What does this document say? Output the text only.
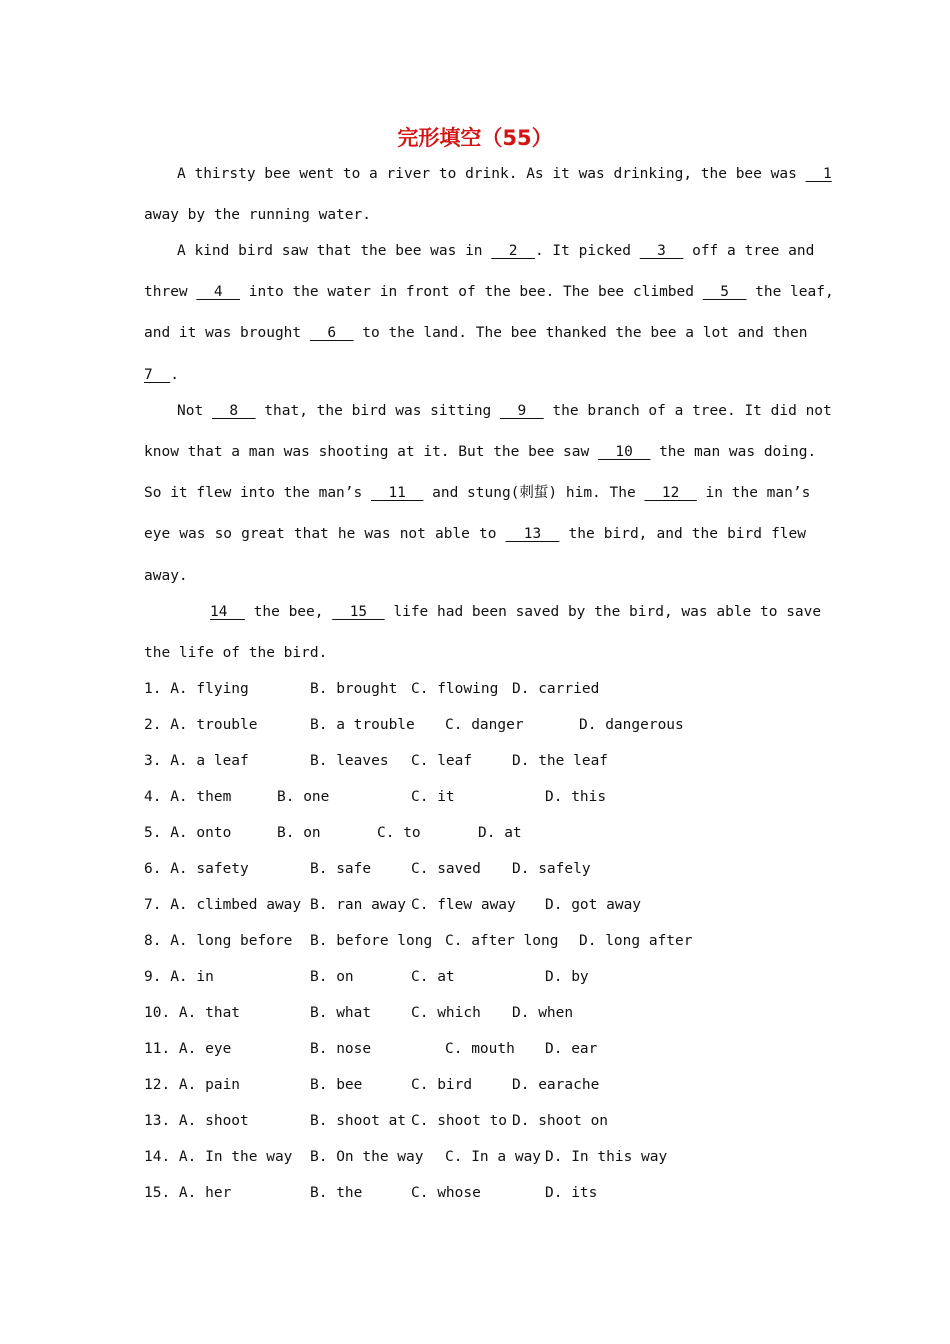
完形填空（55）
A thirsty bee went to a river to drink. As it was drinking, the bee was   1
away by the running water.
A kind bird saw that the bee was in   2  . It picked   3   off a tree and
threw   4   into the water in front of the bee. The bee climbed   5   the leaf,
and it was brought   6   to the land. The bee thanked the bee a lot and then
7  .
Not   8   that, the bird was sitting   9   the branch of a tree. It did not
know that a man was shooting at it. But the bee saw   10   the man was doing.
So it flew into the man’s   11   and stung(刺蜇) him. The   12   in the man’s
eye was so great that he was not able to   13   the bird, and the bird flew
away.
14   the bee,   15   life had been saved by the bird, was able to save
the life of the bird.
1. A. flying	B. brought C. flowing D. carried
2. A. trouble	B. a trouble C. danger	D. dangerous
3. A. a leaf	B. leaves C. leaf	D. the leaf
4. A. them	B. one	C. it	D. this
5. A. onto	B. on	C. to	D. at
6. A. safety	B. safe	C. saved D. safely
7. A. climbed away B. ran away C. flew away D. got away
8. A. long before B. before long C. after long D. long after
9. A. in	B. on	C. at	D. by
10. A. that	B. what	C. which D. when
11. A. eye	B. nose	C. mouth D. ear
12. A. pain	B. bee	C. bird	D. earache
13. A. shoot	B. shoot at C. shoot to D. shoot on
14. A. In the way B. On the way C. In a way D. In this way
15. A. her	B. the	C. whose	D. its
